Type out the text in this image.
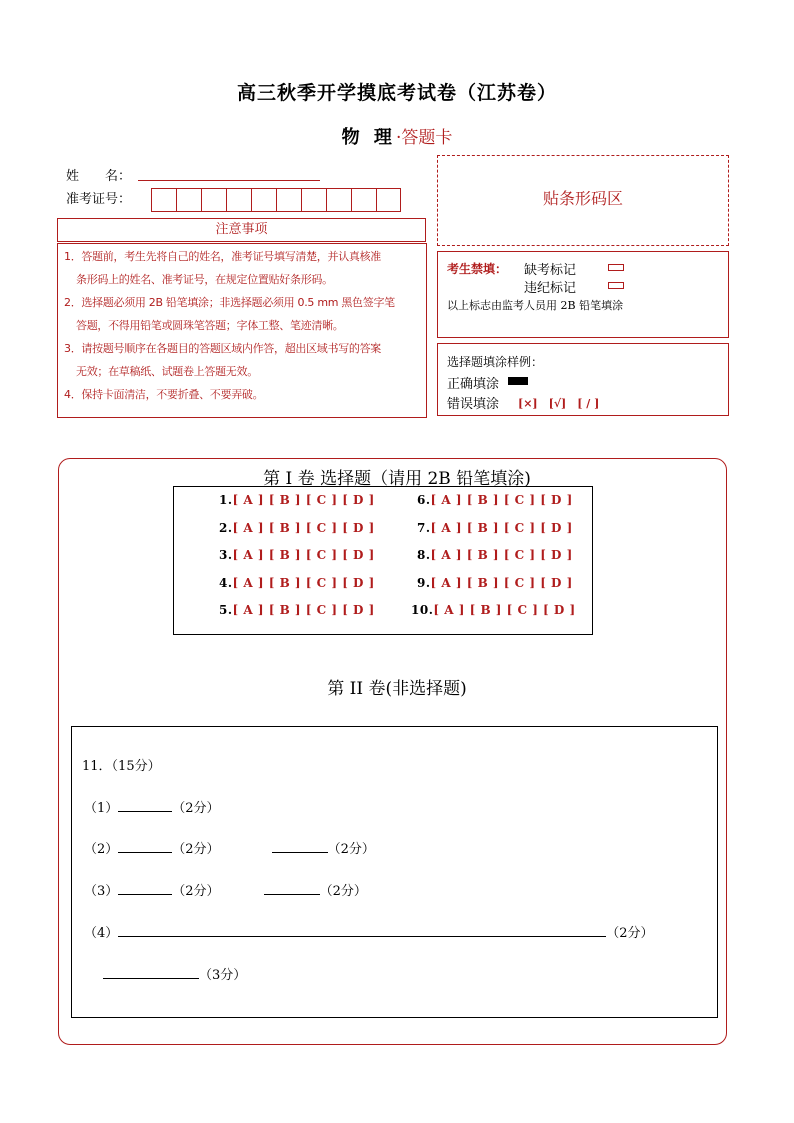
高三秋季开学摸底考试卷（江苏卷）
物 理·答题卡
姓　　名：
准考证号：
注意事项
1．答题前，考生先将自己的姓名，准考证号填写清楚，并认真核准
条形码上的姓名、准考证号，在规定位置贴好条形码。
2．选择题必须用 2B 铅笔填涂；非选择题必须用 0.5 mm 黑色签字笔
答题，不得用铅笔或圆珠笔答题；字体工整、笔迹清晰。
3．请按题号顺序在各题目的答题区域内作答，超出区域书写的答案
无效；在草稿纸、试题卷上答题无效。
4．保持卡面清洁，不要折叠、不要弄破。
贴条形码区
考生禁填： 缺考标记
违纪标记
以上标志由监考人员用 2B 铅笔填涂
选择题填涂样例：
正确填涂
错误填涂 [×]　[√]　[ / ]
第 I 卷 选择题（请用 2B 铅笔填涂)
1.[ A ] [ B ] [ C ] [ D ]
2.[ A ] [ B ] [ C ] [ D ]
3.[ A ] [ B ] [ C ] [ D ]
4.[ A ] [ B ] [ C ] [ D ]
5.[ A ] [ B ] [ C ] [ D ]
6.[ A ] [ B ] [ C ] [ D ]
7.[ A ] [ B ] [ C ] [ D ]
8.[ A ] [ B ] [ C ] [ D ]
9.[ A ] [ B ] [ C ] [ D ]
10.[ A ] [ B ] [ C ] [ D ]
第 II 卷(非选择题)
11．（15分）
（1）	（2分）
（2）	（2分）	（2分）
（3）	（2分）	（2分）
（4）	（2分）
（3分）
